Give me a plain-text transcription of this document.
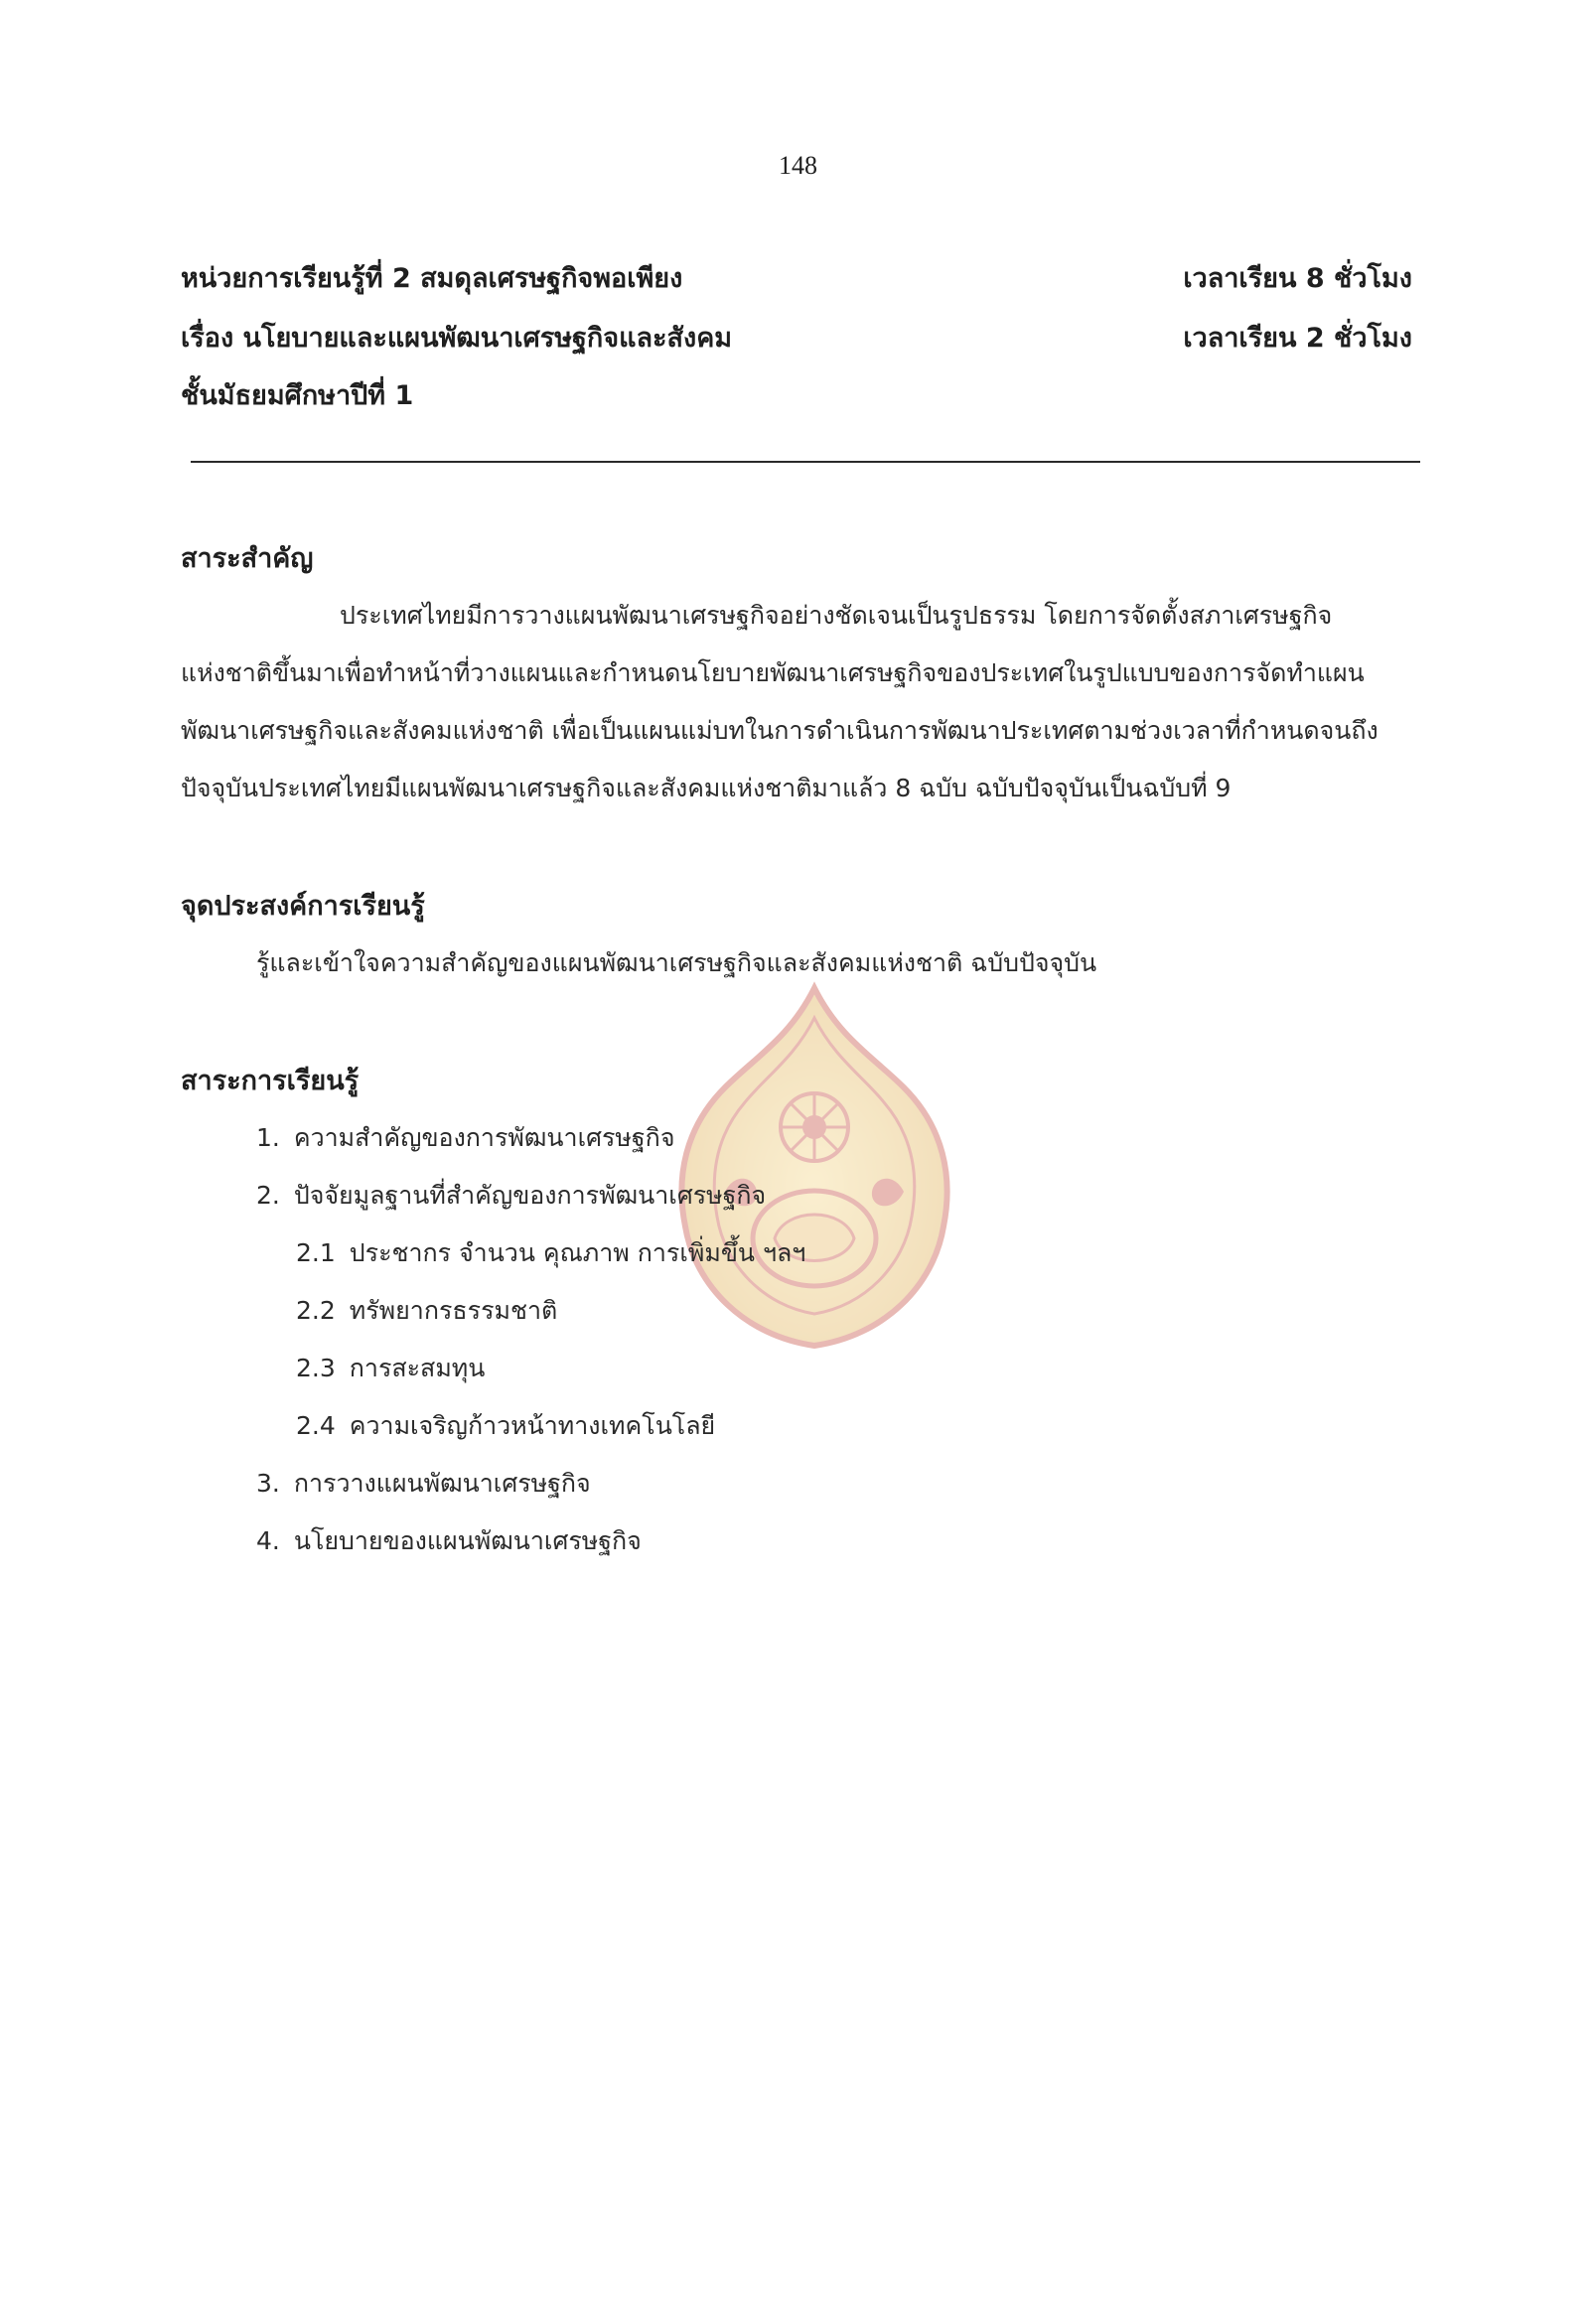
148
หน่วยการเรียนรู้ที่ 2 สมดุลเศรษฐกิจพอเพียง	เวลาเรียน 8 ชั่วโมง
เรื่อง นโยบายและแผนพัฒนาเศรษฐกิจและสังคม	เวลาเรียน 2 ชั่วโมง
ชั้นมัธยมศึกษาปีที่ 1
สาระสำคัญ
ประเทศไทยมีการวางแผนพัฒนาเศรษฐกิจอย่างชัดเจนเป็นรูปธรรม โดยการจัดตั้งสภาเศรษฐกิจ
แห่งชาติขึ้นมาเพื่อทำหน้าที่วางแผนและกำหนดนโยบายพัฒนาเศรษฐกิจของประเทศในรูปแบบของการจัดทำแผน
พัฒนาเศรษฐกิจและสังคมแห่งชาติ เพื่อเป็นแผนแม่บทในการดำเนินการพัฒนาประเทศตามช่วงเวลาที่กำหนดจนถึง
ปัจจุบันประเทศไทยมีแผนพัฒนาเศรษฐกิจและสังคมแห่งชาติมาแล้ว 8 ฉบับ ฉบับปัจจุบันเป็นฉบับที่ 9
จุดประสงค์การเรียนรู้
รู้และเข้าใจความสำคัญของแผนพัฒนาเศรษฐกิจและสังคมแห่งชาติ ฉบับปัจจุบัน
สาระการเรียนรู้
1. ความสำคัญของการพัฒนาเศรษฐกิจ
2. ปัจจัยมูลฐานที่สำคัญของการพัฒนาเศรษฐกิจ
2.1 ประชากร จำนวน คุณภาพ การเพิ่มขึ้น ฯลฯ
2.2 ทรัพยากรธรรมชาติ
2.3 การสะสมทุน
2.4 ความเจริญก้าวหน้าทางเทคโนโลยี
3. การวางแผนพัฒนาเศรษฐกิจ
4. นโยบายของแผนพัฒนาเศรษฐกิจ
